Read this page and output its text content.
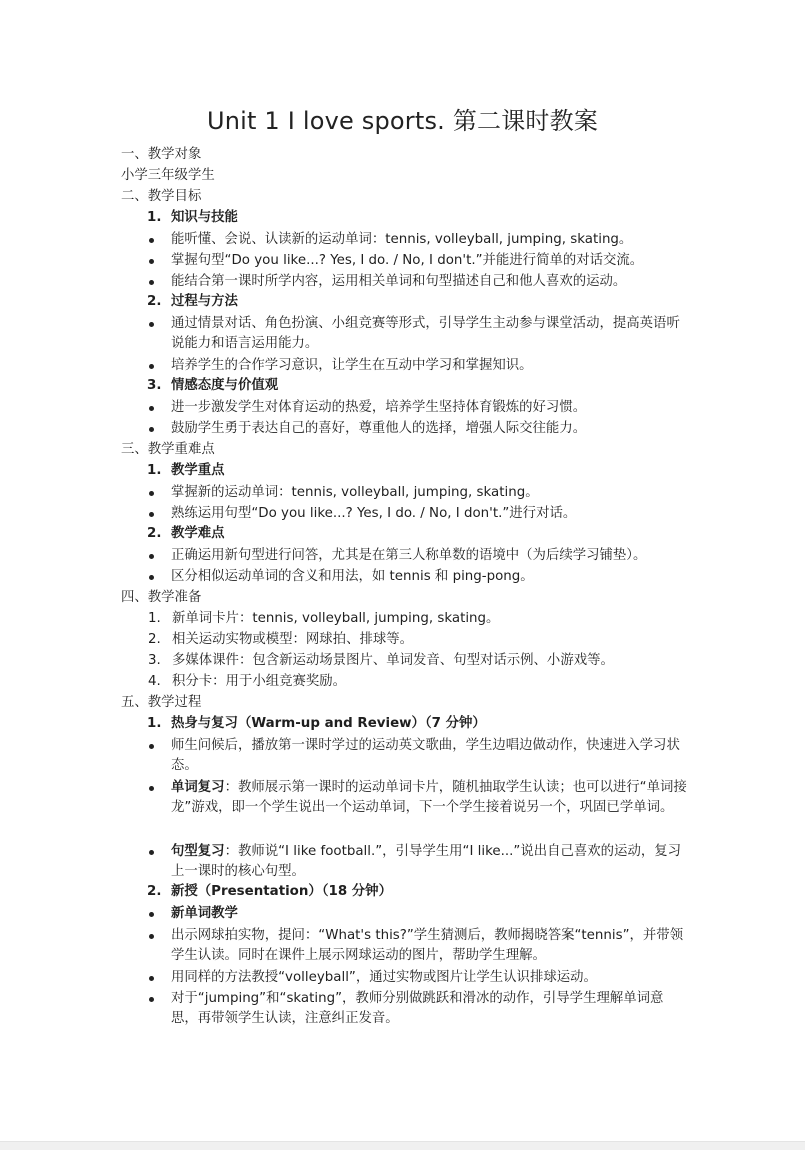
Unit 1 I love sports. 第二课时教案
一、教学对象
小学三年级学生
二、教学目标
1. 知识与技能
能听懂、会说、认读新的运动单词：tennis, volleyball, jumping, skating。
掌握句型“Do you like...? Yes, I do. / No, I don't.”并能进行简单的对话交流。
能结合第一课时所学内容，运用相关单词和句型描述自己和他人喜欢的运动。
2. 过程与方法
通过情景对话、角色扮演、小组竞赛等形式，引导学生主动参与课堂活动，提高英语听说能力和语言运用能力。
培养学生的合作学习意识，让学生在互动中学习和掌握知识。
3. 情感态度与价值观
进一步激发学生对体育运动的热爱，培养学生坚持体育锻炼的好习惯。
鼓励学生勇于表达自己的喜好，尊重他人的选择，增强人际交往能力。
三、教学重难点
1. 教学重点
掌握新的运动单词：tennis, volleyball, jumping, skating。
熟练运用句型“Do you like...? Yes, I do. / No, I don't.”进行对话。
2. 教学难点
正确运用新句型进行问答，尤其是在第三人称单数的语境中（为后续学习铺垫）。
区分相似运动单词的含义和用法，如 tennis 和 ping-pong。
四、教学准备
1. 新单词卡片：tennis, volleyball, jumping, skating。
2. 相关运动实物或模型：网球拍、排球等。
3. 多媒体课件：包含新运动场景图片、单词发音、句型对话示例、小游戏等。
4. 积分卡：用于小组竞赛奖励。
五、教学过程
1. 热身与复习（Warm-up and Review）（7 分钟）
师生问候后，播放第一课时学过的运动英文歌曲，学生边唱边做动作，快速进入学习状态。
单词复习：教师展示第一课时的运动单词卡片，随机抽取学生认读；也可以进行“单词接龙”游戏，即一个学生说出一个运动单词，下一个学生接着说另一个，巩固已学单词。
句型复习：教师说“I like football.”，引导学生用“I like...”说出自己喜欢的运动，复习上一课时的核心句型。
2. 新授（Presentation）（18 分钟）
新单词教学
出示网球拍实物，提问：“What's this?”学生猜测后，教师揭晓答案“tennis”，并带领学生认读。同时在课件上展示网球运动的图片，帮助学生理解。
用同样的方法教授“volleyball”，通过实物或图片让学生认识排球运动。
对于“jumping”和“skating”，教师分别做跳跃和滑冰的动作，引导学生理解单词意思，再带领学生认读，注意纠正发音。
